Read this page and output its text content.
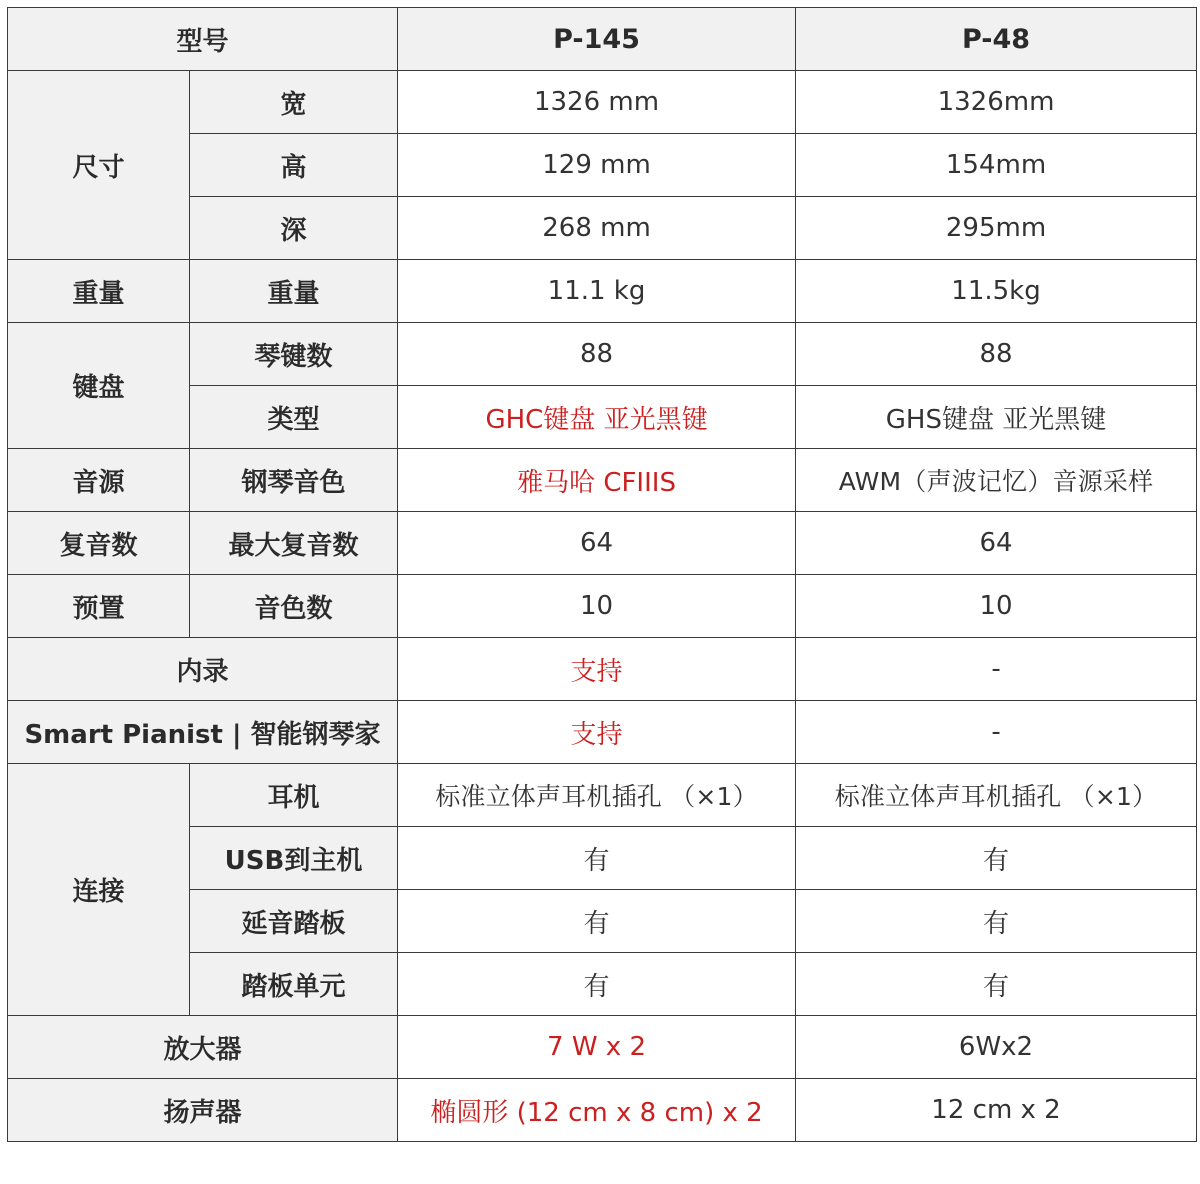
型号		P-145	P-48
尺寸	宽	1326 mm	1326mm
	高	129 mm	154mm
	深	268 mm	295mm
重量	重量	11.1 kg	11.5kg
键盘	琴键数	88	88
	类型	GHC键盘 亚光黑键	GHS键盘 亚光黑键
音源	钢琴音色	雅马哈 CFIIIS	AWM（声波记忆）音源采样
复音数	最大复音数	64	64
预置	音色数	10	10
内录		支持	-
Smart Pianist | 智能钢琴家		支持	-
连接	耳机	标准立体声耳机插孔 （×1）	标准立体声耳机插孔 （×1）
	USB到主机	有	有
	延音踏板	有	有
	踏板单元	有	有
放大器		7 W x 2	6Wx2
扬声器		椭圆形 (12 cm x 8 cm) x 2	12 cm x 2
